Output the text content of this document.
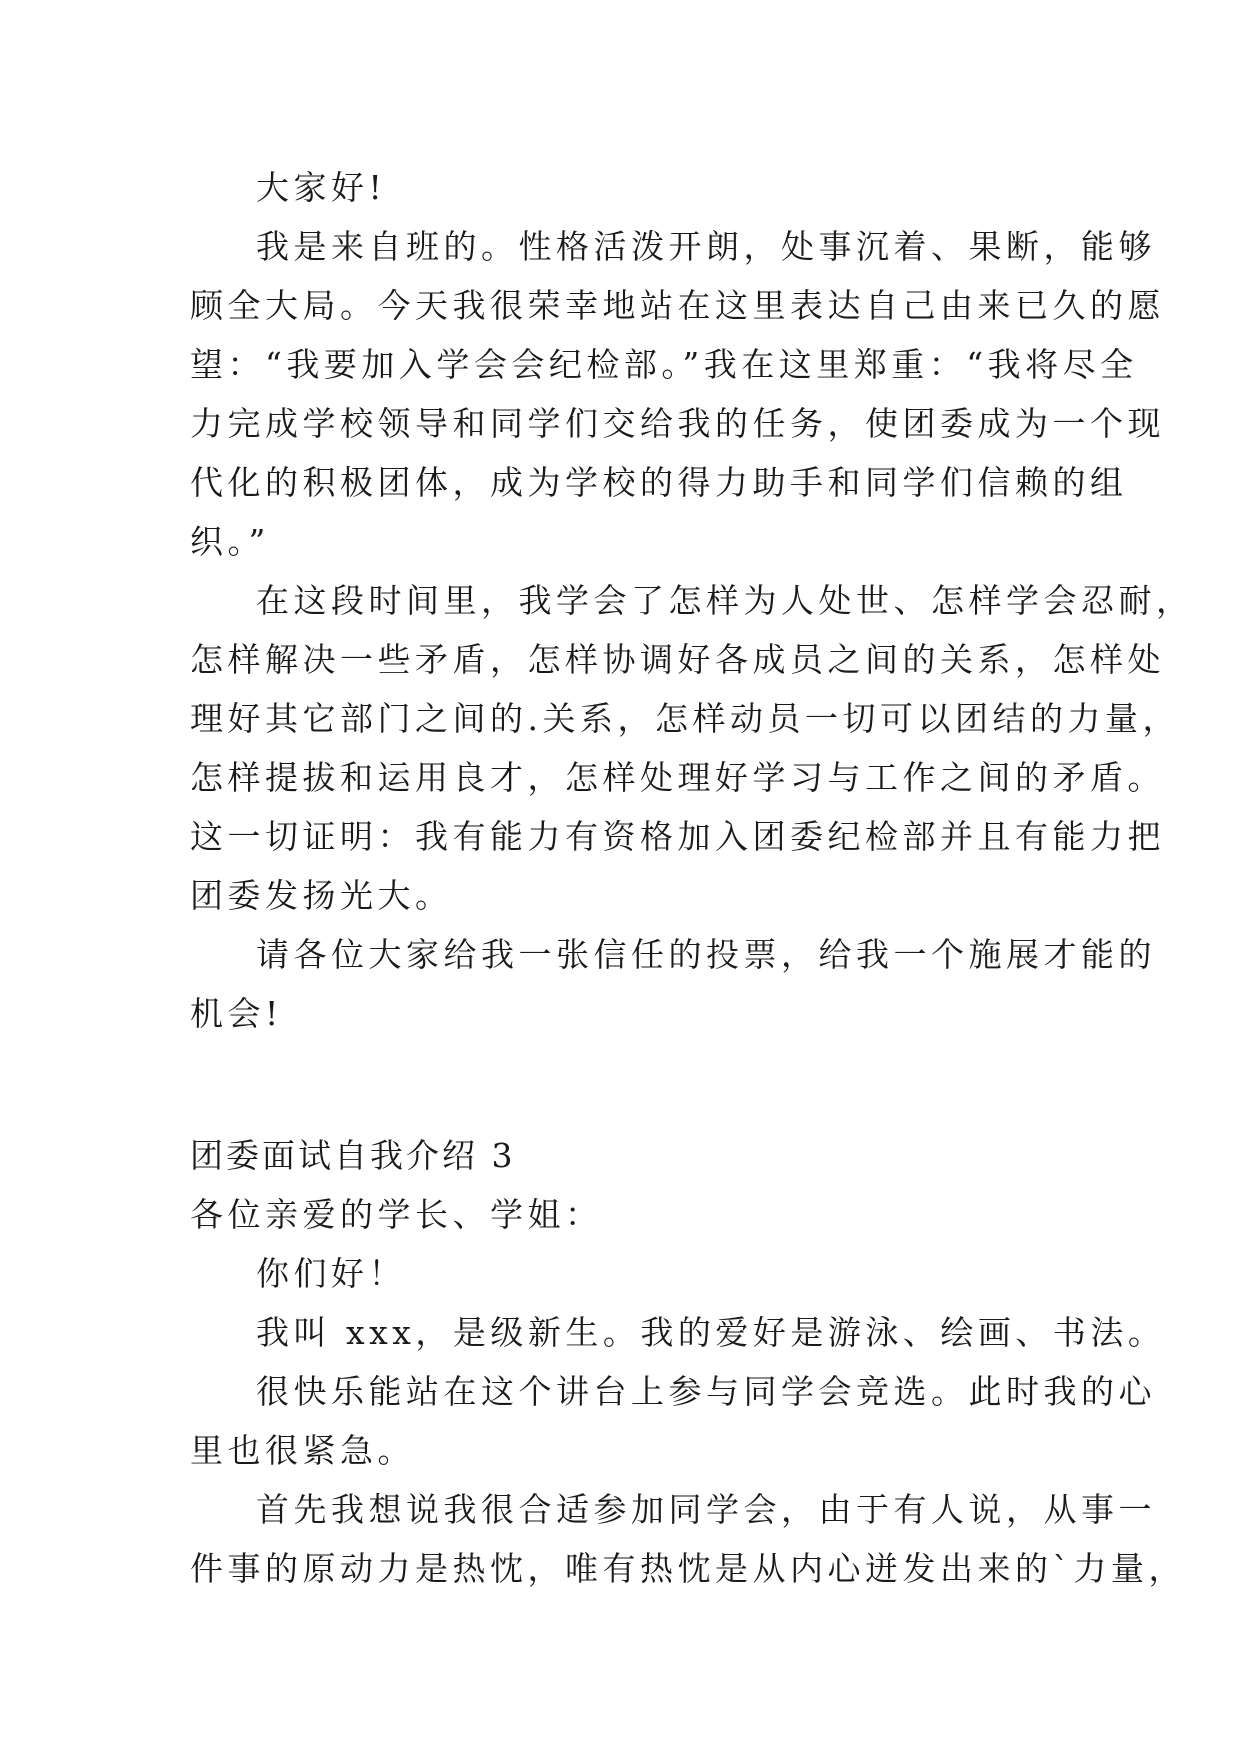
大家好!
我是来自班的。性格活泼开朗，处事沉着、果断，能够
顾全大局。今天我很荣幸地站在这里表达自己由来已久的愿
望：“我要加入学会会纪检部。”我在这里郑重：“我将尽全
力完成学校领导和同学们交给我的任务，使团委成为一个现
代化的积极团体，成为学校的得力助手和同学们信赖的组
织。”
在这段时间里，我学会了怎样为人处世、怎样学会忍耐，
怎样解决一些矛盾，怎样协调好各成员之间的关系，怎样处
理好其它部门之间的.关系，怎样动员一切可以团结的力量，
怎样提拔和运用良才，怎样处理好学习与工作之间的矛盾。
这一切证明：我有能力有资格加入团委纪检部并且有能力把
团委发扬光大。
请各位大家给我一张信任的投票，给我一个施展才能的
机会!
团委面试自我介绍 3
各位亲爱的学长、学姐：
你们好！
我叫 xxx，是级新生。我的爱好是游泳、绘画、书法。
很快乐能站在这个讲台上参与同学会竞选。此时我的心
里也很紧急。
首先我想说我很合适参加同学会，由于有人说，从事一
件事的原动力是热忱，唯有热忱是从内心迸发出来的`力量，
